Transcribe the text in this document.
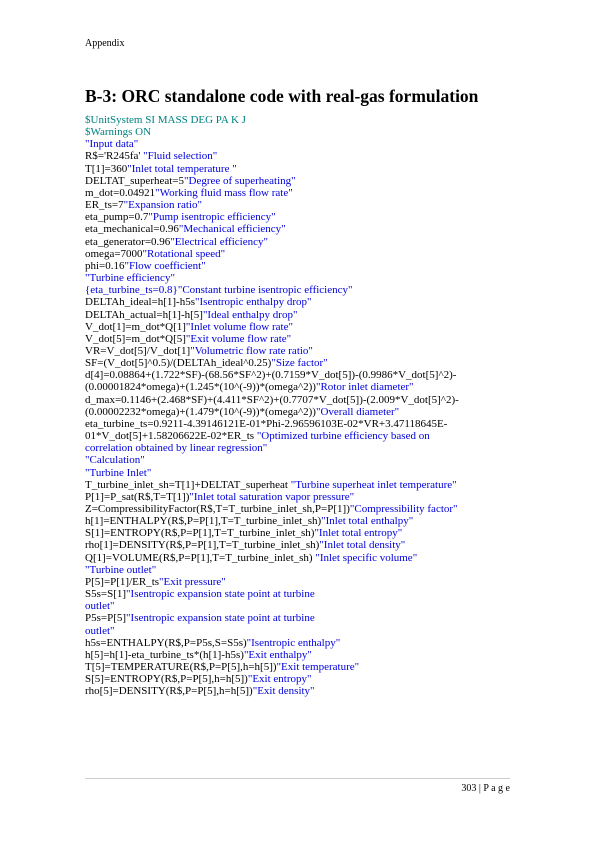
Appendix
B-3: ORC standalone code with real-gas formulation
$UnitSystem SI MASS DEG PA K J
$Warnings ON
"Input data"
R$='R245fa' "Fluid selection"
T[1]=360"Inlet total temperature "
DELTAT_superheat=5"Degree of superheating"
m_dot=0.04921"Working fluid mass flow rate"
ER_ts=7"Expansion ratio"
eta_pump=0.7"Pump isentropic efficiency"
eta_mechanical=0.96"Mechanical efficiency"
eta_generator=0.96"Electrical efficiency"
omega=7000"Rotational speed"
phi=0.16"Flow coefficient"
"Turbine efficiency"
{eta_turbine_ts=0.8}"Constant turbine isentropic efficiency"
DELTAh_ideal=h[1]-h5s"Isentropic enthalpy drop"
DELTAh_actual=h[1]-h[5]"Ideal enthalpy drop"
V_dot[1]=m_dot*Q[1]"Inlet volume flow rate"
V_dot[5]=m_dot*Q[5]"Exit volume flow rate"
VR=V_dot[5]/V_dot[1]"Volumetric flow rate ratio"
SF=(V_dot[5]^0.5)/(DELTAh_ideal^0.25)"Size factor"
d[4]=0.08864+(1.722*SF)-(68.56*SF^2)+(0.7159*V_dot[5])-(0.9986*V_dot[5]^2)-
(0.00001824*omega)+(1.245*(10^(-9))*(omega^2))"Rotor inlet diameter"
d_max=0.1146+(2.468*SF)+(4.411*SF^2)+(0.7707*V_dot[5])-(2.009*V_dot[5]^2)-
(0.00002232*omega)+(1.479*(10^(-9))*(omega^2))"Overall diameter"
eta_turbine_ts=0.9211-4.39146121E-01*Phi-2.96596103E-02*VR+3.47118645E-
01*V_dot[5]+1.58206622E-02*ER_ts "Optimized turbine efficiency based on
correlation obtained by linear regression"
"Calculation"
"Turbine Inlet"
T_turbine_inlet_sh=T[1]+DELTAT_superheat "Turbine superheat inlet temperature"
P[1]=P_sat(R$,T=T[1])"Inlet total saturation vapor pressure"
Z=CompressibilityFactor(R$,T=T_turbine_inlet_sh,P=P[1])"Compressibility factor"
h[1]=ENTHALPY(R$,P=P[1],T=T_turbine_inlet_sh)"Inlet total enthalpy"
S[1]=ENTROPY(R$,P=P[1],T=T_turbine_inlet_sh)"Inlet total entropy"
rho[1]=DENSITY(R$,P=P[1],T=T_turbine_inlet_sh)"Inlet total density"
Q[1]=VOLUME(R$,P=P[1],T=T_turbine_inlet_sh) "Inlet specific volume"
"Turbine outlet"
P[5]=P[1]/ER_ts"Exit pressure"
S5s=S[1]"Isentropic expansion state point at turbine
outlet"
P5s=P[5]"Isentropic expansion state point at turbine
outlet"
h5s=ENTHALPY(R$,P=P5s,S=S5s)"Isentropic enthalpy"
h[5]=h[1]-eta_turbine_ts*(h[1]-h5s)"Exit enthalpy"
T[5]=TEMPERATURE(R$,P=P[5],h=h[5])"Exit temperature"
S[5]=ENTROPY(R$,P=P[5],h=h[5])"Exit entropy"
rho[5]=DENSITY(R$,P=P[5],h=h[5])"Exit density"
303 | P a g e
